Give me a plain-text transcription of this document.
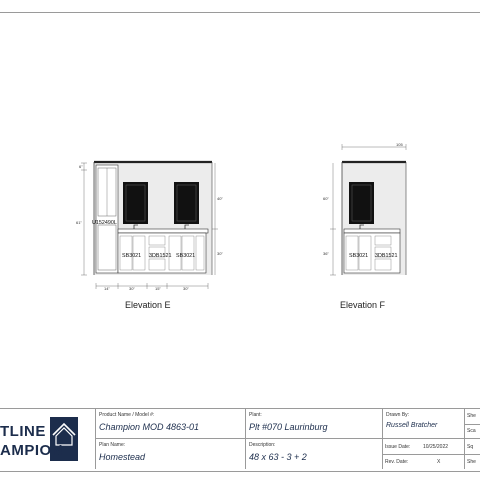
U152490L
SB3021 3DB1521 SB3021
14"	30"	15"	30"
6"
61"
40"
30"
105
60"
36"	SB3021 3DB1521
Elevation E	Elevation F
TLINE
AMPION
Product Name / Model #:
Champion MOD 4863-01
Plan Name:
Homestead
Plant:
Plt #070 Laurinburg
Description:
48 x 63 - 3 + 2
Drawn By:
Russell Bratcher
Issue Date:	10/25/2022
Rev. Date:	X
She
Sca
Sq
She
